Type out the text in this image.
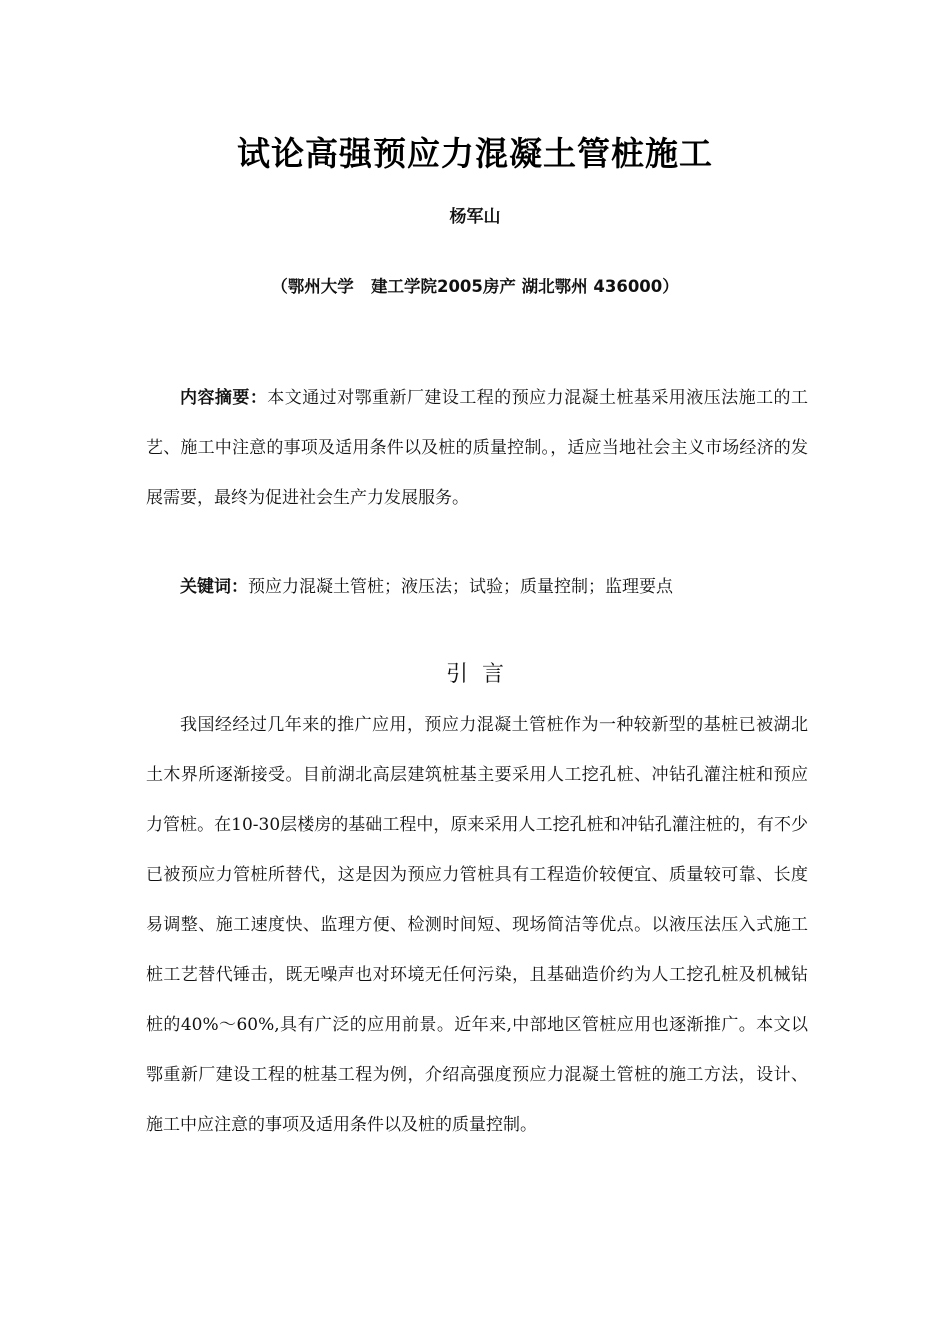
试论高强预应力混凝土管桩施工
杨军山
（鄂州大学   建工学院2005房产 湖北鄂州 436000）

内容摘要：本文通过对鄂重新厂建设工程的预应力混凝土桩基采用液压法施工的工艺、施工中注意的事项及适用条件以及桩的质量控制。，适应当地社会主义市场经济的发展需要，最终为促进社会生产力发展服务。

关键词：预应力混凝土管桩；液压法；试验；质量控制；监理要点

引言

我国经经过几年来的推广应用，预应力混凝土管桩作为一种较新型的基桩已被湖北土木界所逐渐接受。目前湖北高层建筑桩基主要采用人工挖孔桩、冲钻孔灌注桩和预应力管桩。在10-30层楼房的基础工程中，原来采用人工挖孔桩和冲钻孔灌注桩的，有不少已被预应力管桩所替代，这是因为预应力管桩具有工程造价较便宜、质量较可靠、长度易调整、施工速度快、监理方便、检测时间短、现场简洁等优点。以液压法压入式施工桩工艺替代锤击，既无噪声也对环境无任何污染，且基础造价约为人工挖孔桩及机械钻桩的40%～60%,具有广泛的应用前景。近年来,中部地区管桩应用也逐渐推广。本文以鄂重新厂建设工程的桩基工程为例，介绍高强度预应力混凝土管桩的施工方法，设计、施工中应注意的事项及适用条件以及桩的质量控制。
